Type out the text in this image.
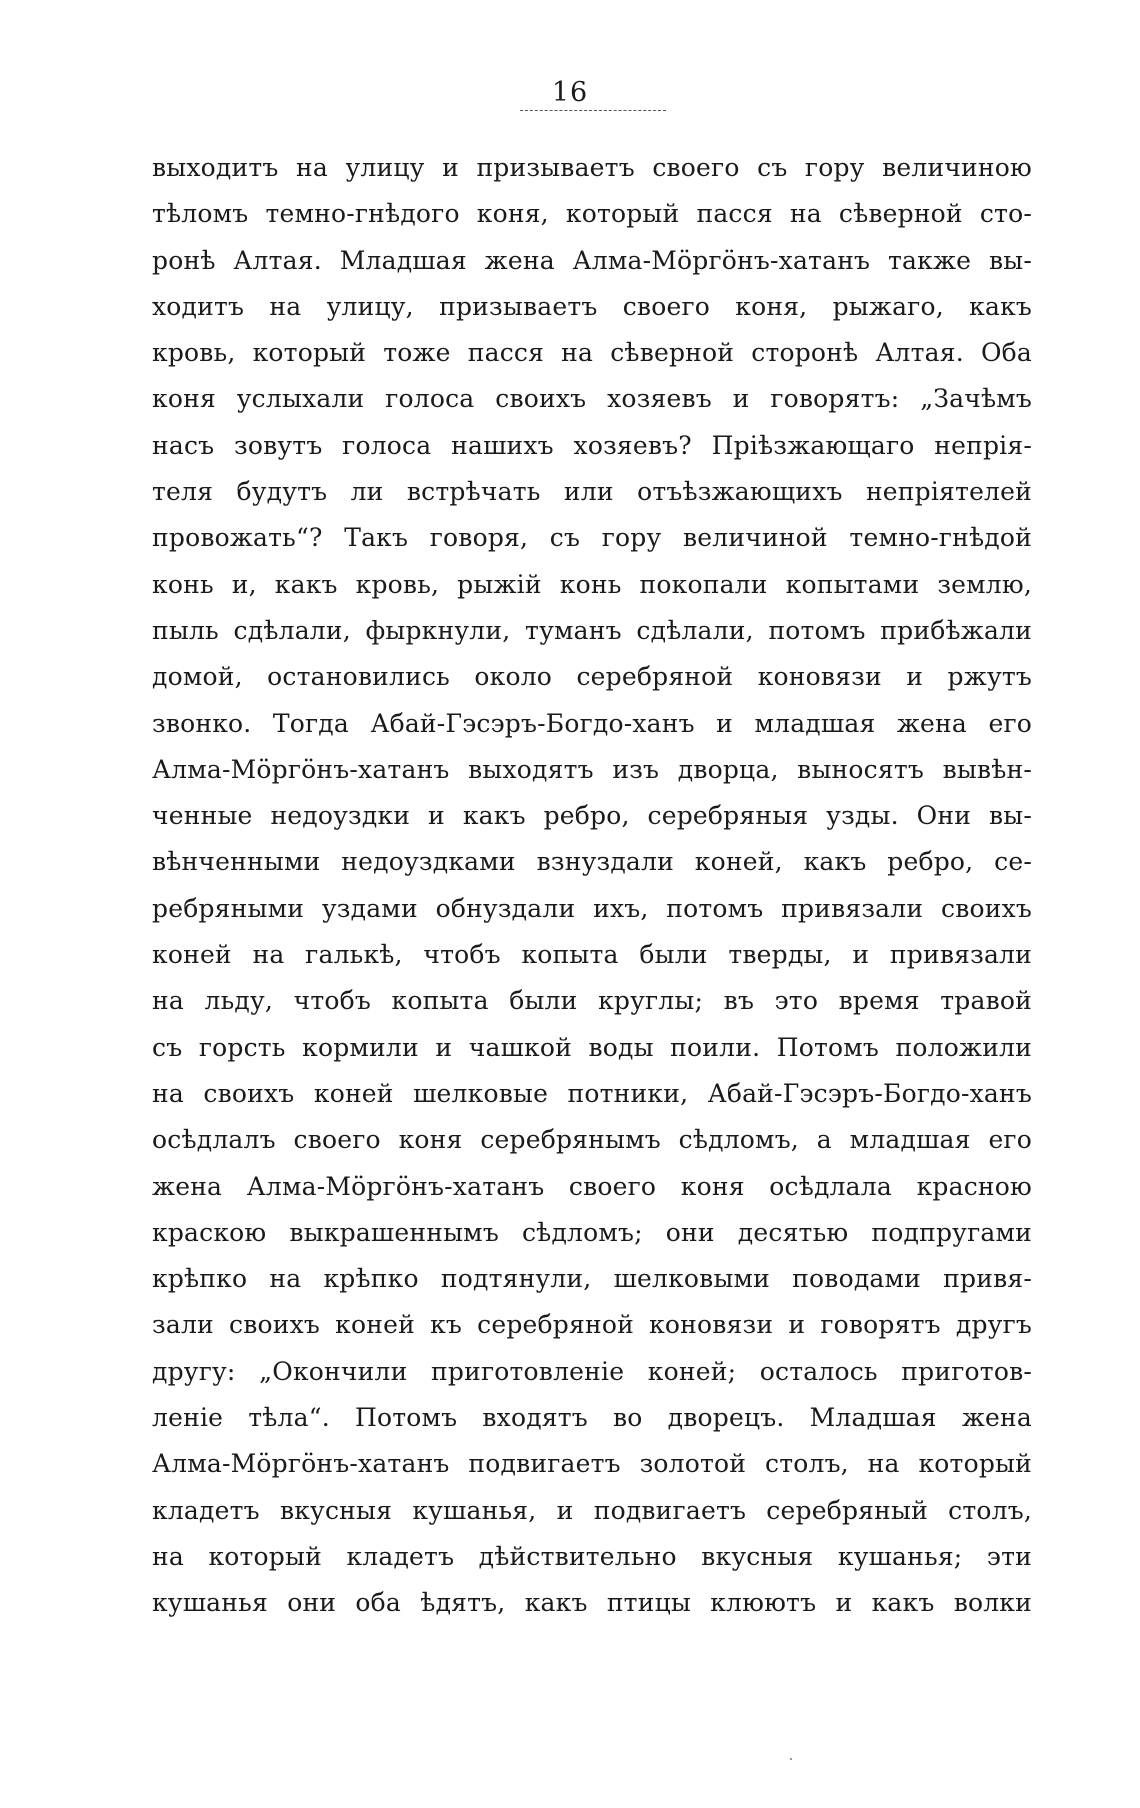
16
выходитъ на улицу и призываетъ своего съ гору величиною
тѣломъ темно-гнѣдого коня, который пасся на сѣверной сто-
ронѣ Алтая. Младшая жена Алма-Мöргöнъ-хатанъ также вы-
ходитъ на улицу, призываетъ своего коня, рыжаго, какъ
кровь, который тоже пасся на сѣверной сторонѣ Алтая. Оба
коня услыхали голоса своихъ хозяевъ и говорятъ: „Зачѣмъ
насъ зовутъ голоса нашихъ хозяевъ? Пріѣзжающаго непрія-
теля будутъ ли встрѣчать или отъѣзжающихъ непріятелей
провожать“? Такъ говоря, съ гору величиной темно-гнѣдой
конь и, какъ кровь, рыжій конь покопали копытами землю,
пыль сдѣлали, фыркнули, туманъ сдѣлали, потомъ прибѣжали
домой, остановились около серебряной коновязи и ржутъ
звонко. Тогда Абай-Гэсэръ-Богдо-ханъ и младшая жена его
Алма-Мöргöнъ-хатанъ выходятъ изъ дворца, выносятъ вывѣн-
ченные недоуздки и какъ ребро, серебряныя узды. Они вы-
вѣнченными недоуздками взнуздали коней, какъ ребро, се-
ребряными уздами обнуздали ихъ, потомъ привязали своихъ
коней на галькѣ, чтобъ копыта были тверды, и привязали
на льду, чтобъ копыта были круглы; въ это время травой
съ горсть кормили и чашкой воды поили. Потомъ положили
на своихъ коней шелковые потники, Абай-Гэсэръ-Богдо-ханъ
осѣдлалъ своего коня серебрянымъ сѣдломъ, а младшая его
жена Алма-Мöргöнъ-хатанъ своего коня осѣдлала красною
краскою выкрашеннымъ сѣдломъ; они десятью подпругами
крѣпко на крѣпко подтянули, шелковыми поводами привя-
зали своихъ коней къ серебряной коновязи и говорятъ другъ
другу: „Окончили приготовленіе коней; осталось приготов-
леніе тѣла“. Потомъ входятъ во дворецъ. Младшая жена
Алма-Мöргöнъ-хатанъ подвигаетъ золотой столъ, на который
кладетъ вкусныя кушанья, и подвигаетъ серебряный столъ,
на который кладетъ дѣйствительно вкусныя кушанья; эти
кушанья они оба ѣдятъ, какъ птицы клюютъ и какъ волки
